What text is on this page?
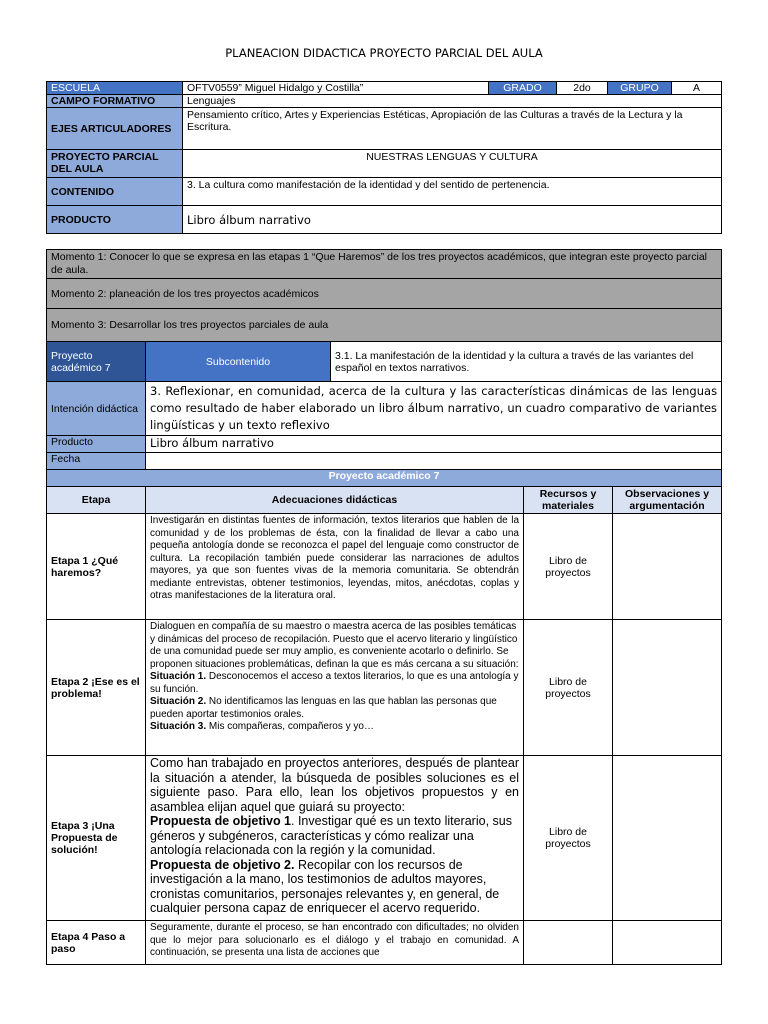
PLANEACION DIDACTICA PROYECTO PARCIAL DEL AULA
ESCUELA	OFTV0559” Miguel Hidalgo y Costilla”	GRADO	2do	GRUPO	A
CAMPO FORMATIVO	Lenguajes				
EJES ARTICULADORES	Pensamiento crítico, Artes y Experiencias Estéticas, Apropiación de las Culturas a través de la Lectura y la Escritura.				
PROYECTO PARCIAL DEL AULA	NUESTRAS LENGUAS Y CULTURA				
CONTENIDO	3. La cultura como manifestación de la identidad y del sentido de pertenencia.				
PRODUCTO	Libro álbum narrativo				
Momento 1: Conocer lo que se expresa en las etapas 1 “Que Haremos” de los tres proyectos académicos, que integran este proyecto parcial de aula.				
Momento 2: planeación de los tres proyectos académicos				
Momento 3: Desarrollar los tres proyectos parciales de aula				
Proyecto académico 7	Subcontenido	3.1. La manifestación de la identidad y la cultura a través de las variantes del español en textos narrativos.		
Intención didáctica	3. Reflexionar, en comunidad, acerca de la cultura y las características dinámicas de las lenguas como resultado de haber elaborado un libro álbum narrativo, un cuadro comparativo de variantes lingüísticas y un texto reflexivo			
Producto	Libro álbum narrativo			
Fecha				
Proyecto académico 7				
Etapa	Adecuaciones didácticas		Recursos y materiales	Observaciones y argumentación
Etapa 1 ¿Qué haremos?	Investigarán en distintas fuentes de información, textos literarios que hablen de la comunidad y de los problemas de ésta, con la finalidad de llevar a cabo una pequeña antología donde se reconozca el papel del lenguaje como constructor de cultura. La recopilación también puede considerar las narraciones de adultos mayores, ya que son fuentes vivas de la memoria comunitaria. Se obtendrán mediante entrevistas, obtener testimonios, leyendas, mitos, anécdotas, coplas y otras manifestaciones de la literatura oral.		Libro de proyectos	
Etapa 2 ¡Ese es el problema!	Dialoguen en compañía de su maestro o maestra acerca de las posibles temáticas y dinámicas del proceso de recopilación. Puesto que el acervo literario y lingüístico de una comunidad puede ser muy amplio, es conveniente acotarlo o definirlo. Se proponen situaciones problemáticas, definan la que es más cercana a su situación:
Situación 1. Desconocemos el acceso a textos literarios, lo que es una antología y su función.
Situación 2. No identificamos las lenguas en las que hablan las personas que pueden aportar testimonios orales.
Situación 3. Mis compañeras, compañeros y yo…		Libro de proyectos	
Etapa 3 ¡Una Propuesta de solución!	Como han trabajado en proyectos anteriores, después de plantear la situación a atender, la búsqueda de posibles soluciones es el siguiente paso. Para ello, lean los objetivos propuestos y en asamblea elijan aquel que guiará su proyecto:
Propuesta de objetivo 1. Investigar qué es un texto literario, sus géneros y subgéneros, características y cómo realizar una antología relacionada con la región y la comunidad.
Propuesta de objetivo 2. Recopilar con los recursos de investigación a la mano, los testimonios de adultos mayores, cronistas comunitarios, personajes relevantes y, en general, de cualquier persona capaz de enriquecer el acervo requerido.		Libro de proyectos	
Etapa 4 Paso a paso	Seguramente, durante el proceso, se han encontrado con dificultades; no olviden que lo mejor para solucionarlo es el diálogo y el trabajo en comunidad. A continuación, se presenta una lista de acciones que			
